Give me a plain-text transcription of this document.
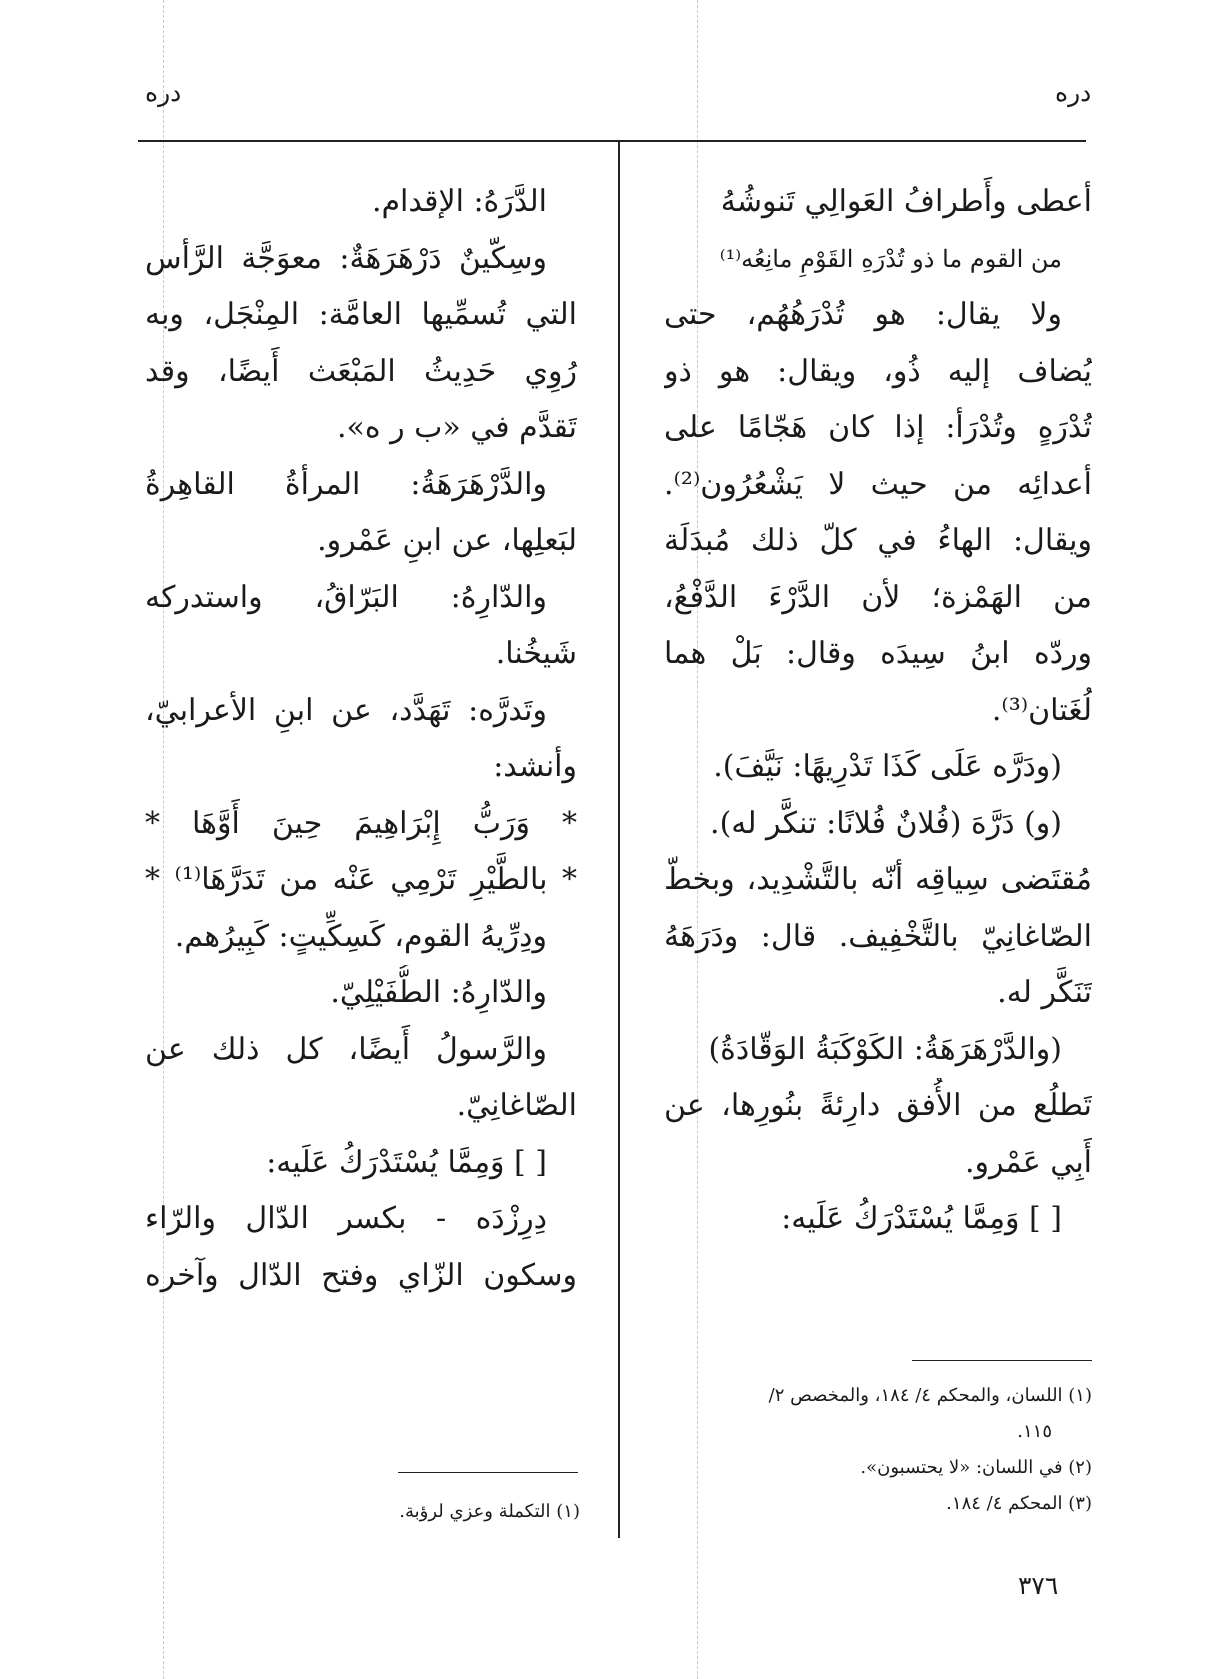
دره
دره
أعطى وأَطرافُ العَوالِي تَنوشُهُ
من القوم ما ذو تُدْرَهِ القَوْمِ مانِعُه⁽¹⁾
ولا يقال: هو تُدْرَهُهُم، حتى
يُضاف إليه ذُو، ويقال: هو ذو
تُدْرَهٍ وتُدْرَأ: إذا كان هَجّامًا على
أعدائِه من حيث لا يَشْعُرُون⁽²⁾.
ويقال: الهاءُ في كلّ ذلك مُبدَلَة
من الهَمْزة؛ لأن الدَّرْءَ الدَّفْعُ،
وردّه ابنُ سِيدَه وقال: بَلْ هما
لُغَتان⁽³⁾.
(ودَرَّه عَلَى كَذَا تَدْرِيهًا: نَيَّفَ).
(و) دَرَّهَ (فُلانٌ فُلانًا: تنكَّر له).
مُقتَضى سِياقِه أنّه بالتَّشْدِيد، وبخطّ
الصّاغانِيّ بالتَّخْفِيف. قال: ودَرَهَهُ
تَنَكَّر له.
(والدَّرْهَرَهَةُ: الكَوْكَبَةُ الوَقّادَةُ)
تَطلُع من الأُفق دارِئةً بنُورِها، عن
أَبِي عَمْرو.
[ ] وَمِمَّا يُسْتَدْرَكُ عَلَيه:
(١) اللسان، والمحكم ٤/ ١٨٤، والمخصص ٢/
١١٥.
(٢) في اللسان: «لا يحتسبون».
(٣) المحكم ٤/ ١٨٤.
الدَّرَهُ: الإقدام.
وسِكّينٌ دَرْهَرَهَةٌ: معوَجَّة الرَّأس
التي تُسمِّيها العامَّة: المِنْجَل، وبه
رُوِي حَدِيثُ المَبْعَث أَيضًا، وقد
تَقدَّم في «ب ر ه».
والدَّرْهَرَهَةُ: المرأةُ القاهِرةُ
لبَعلِها، عن ابنِ عَمْرو.
والدّارِهُ: البَرّاقُ، واستدركه
شَيخُنا.
وتَدرَّه: تَهَدَّد، عن ابنِ الأعرابيّ،
وأنشد:
* وَرَبُّ إِبْرَاهِيمَ حِينَ أَوَّهَا *
* بالطَّيْرِ تَرْمِي عَنْه من تَدَرَّهَا⁽¹⁾ *
ودِرِّيهُ القوم، كَسِكِّيتٍ: كَبِيرُهم.
والدّارِهُ: الطُّفَيْلِيّ.
والرَّسولُ أَيضًا، كل ذلك عن
الصّاغانِيّ.
[ ] وَمِمَّا يُسْتَدْرَكُ عَلَيه:
دِرِزْدَه - بكسر الدّال والرّاء
وسكون الزّاي وفتح الدّال وآخره
(١) التكملة وعزي لرؤبة.
٣٧٦
